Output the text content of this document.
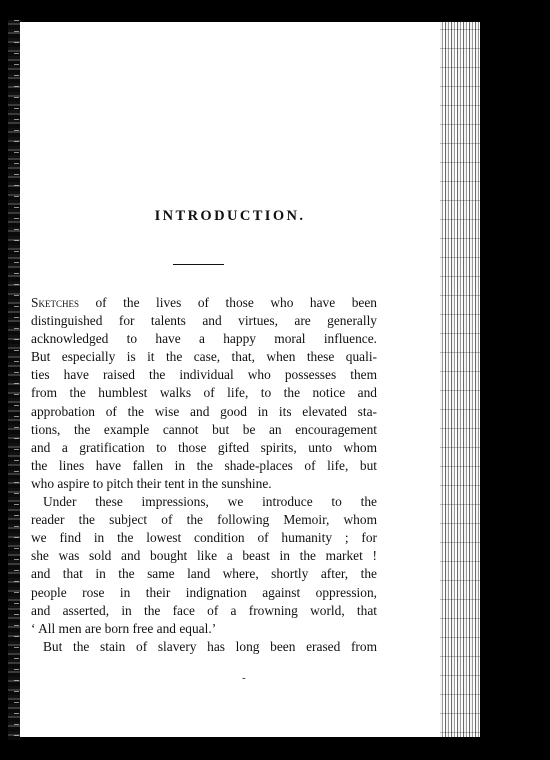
INTRODUCTION.
Sketches of the lives of those who have been
distinguished for talents and virtues, are generally
acknowledged to have a happy moral influence.
But especially is it the case, that, when these quali-
ties have raised the individual who possesses them
from the humblest walks of life, to the notice and
approbation of the wise and good in its elevated sta-
tions, the example cannot but be an encouragement
and a gratification to those gifted spirits, unto whom
the lines have fallen in the shade-places of life, but
who aspire to pitch their tent in the sunshine.
Under these impressions, we introduce to the
reader the subject of the following Memoir, whom
we find in the lowest condition of humanity ; for
she was sold and bought like a beast in the market !
and that in the same land where, shortly after, the
people rose in their indignation against oppression,
and asserted, in the face of a frowning world, that
‘ All men are born free and equal.’
But the stain of slavery has long been erased from
-
